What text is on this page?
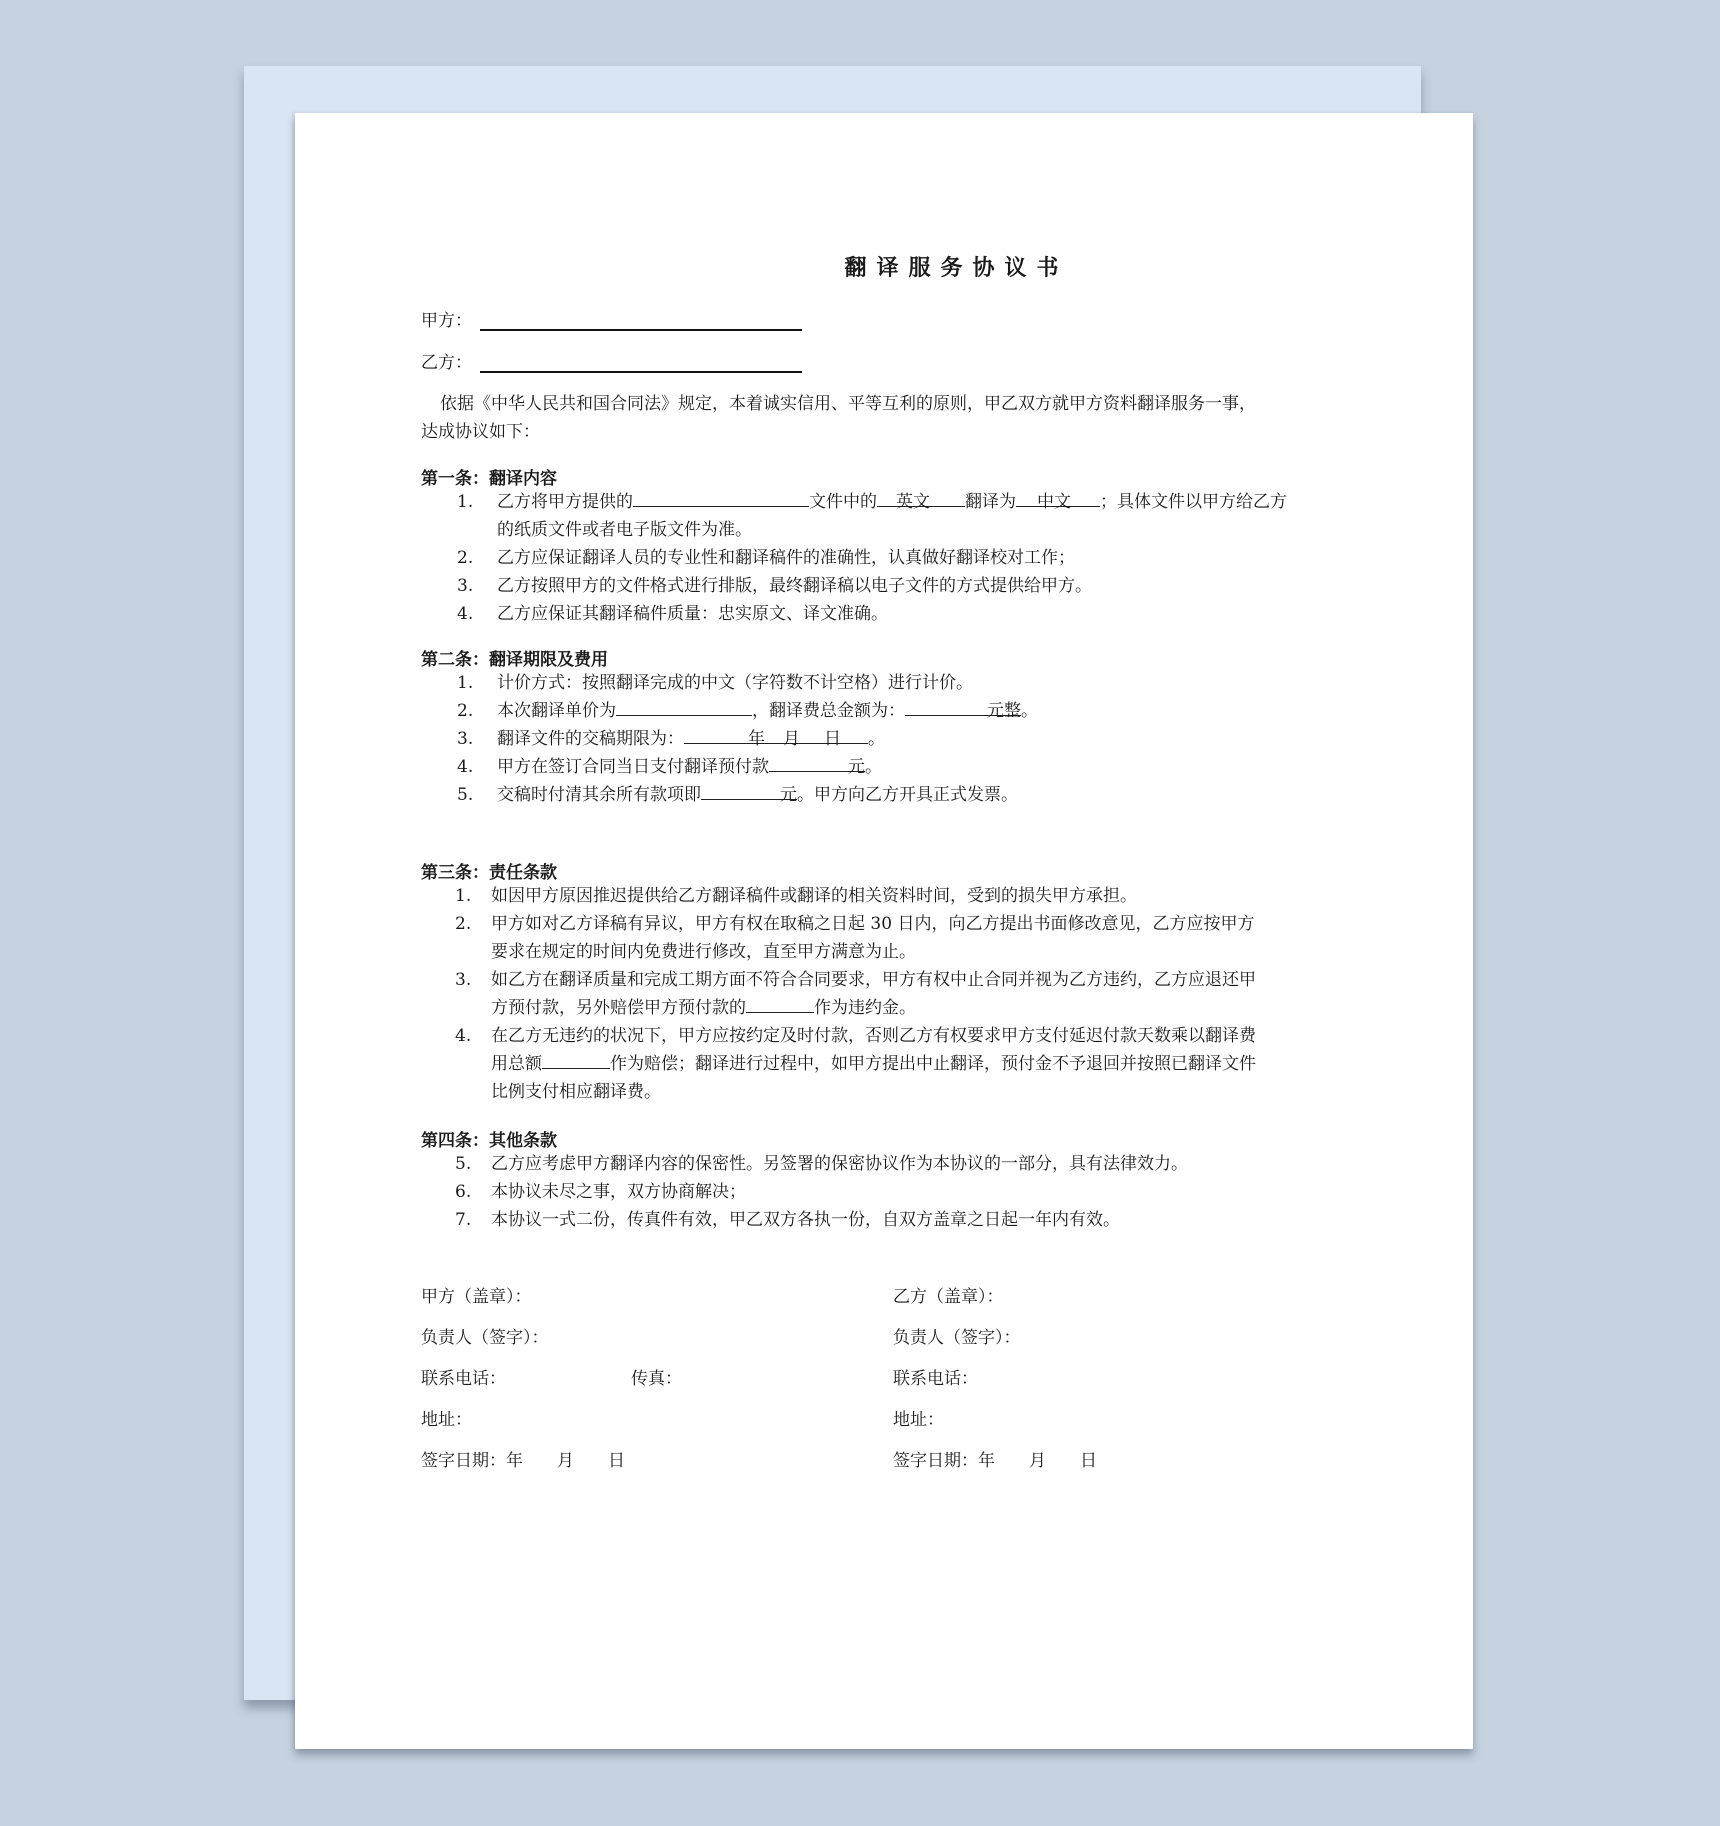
翻译服务协议书
甲方：
乙方：
依据《中华人民共和国合同法》规定，本着诚实信用、平等互利的原则，甲乙双方就甲方资料翻译服务一事，
达成协议如下：
第一条：翻译内容
1.	乙方将甲方提供的	文件中的 英文 翻译为 中文 ；具体文件以甲方给乙方
的纸质文件或者电子版文件为准。
2.	乙方应保证翻译人员的专业性和翻译稿件的准确性，认真做好翻译校对工作；
3.	乙方按照甲方的文件格式进行排版，最终翻译稿以电子文件的方式提供给甲方。
4.	乙方应保证其翻译稿件质量：忠实原文、译文准确。
第二条：翻译期限及费用
1.	计价方式：按照翻译完成的中文（字符数不计空格）进行计价。
2.	本次翻译单价为	，翻译费总金额为：	元整。
3.	翻译文件的交稿期限为：	年 月 日 。
4.	甲方在签订合同当日支付翻译预付款	元。
5.	交稿时付清其余所有款项即	元。甲方向乙方开具正式发票。
第三条：责任条款
1.	如因甲方原因推迟提供给乙方翻译稿件或翻译的相关资料时间，受到的损失甲方承担。
2.	甲方如对乙方译稿有异议，甲方有权在取稿之日起 30 日内，向乙方提出书面修改意见，乙方应按甲方
要求在规定的时间内免费进行修改，直至甲方满意为止。
3.	如乙方在翻译质量和完成工期方面不符合合同要求，甲方有权中止合同并视为乙方违约，乙方应退还甲
方预付款，另外赔偿甲方预付款的	作为违约金。
4.	在乙方无违约的状况下，甲方应按约定及时付款，否则乙方有权要求甲方支付延迟付款天数乘以翻译费
用总额	作为赔偿；翻译进行过程中，如甲方提出中止翻译，预付金不予退回并按照已翻译文件
比例支付相应翻译费。
第四条：其他条款
5.	乙方应考虑甲方翻译内容的保密性。另签署的保密协议作为本协议的一部分，具有法律效力。
6.	本协议未尽之事，双方协商解决；
7.	本协议一式二份，传真件有效，甲乙双方各执一份，自双方盖章之日起一年内有效。
甲方（盖章）：
负责人（签字）：
联系电话：	传真：
地址：
签字日期：年　　月　　日
乙方（盖章）：
负责人（签字）：
联系电话：
地址：
签字日期：年　　月　　日
